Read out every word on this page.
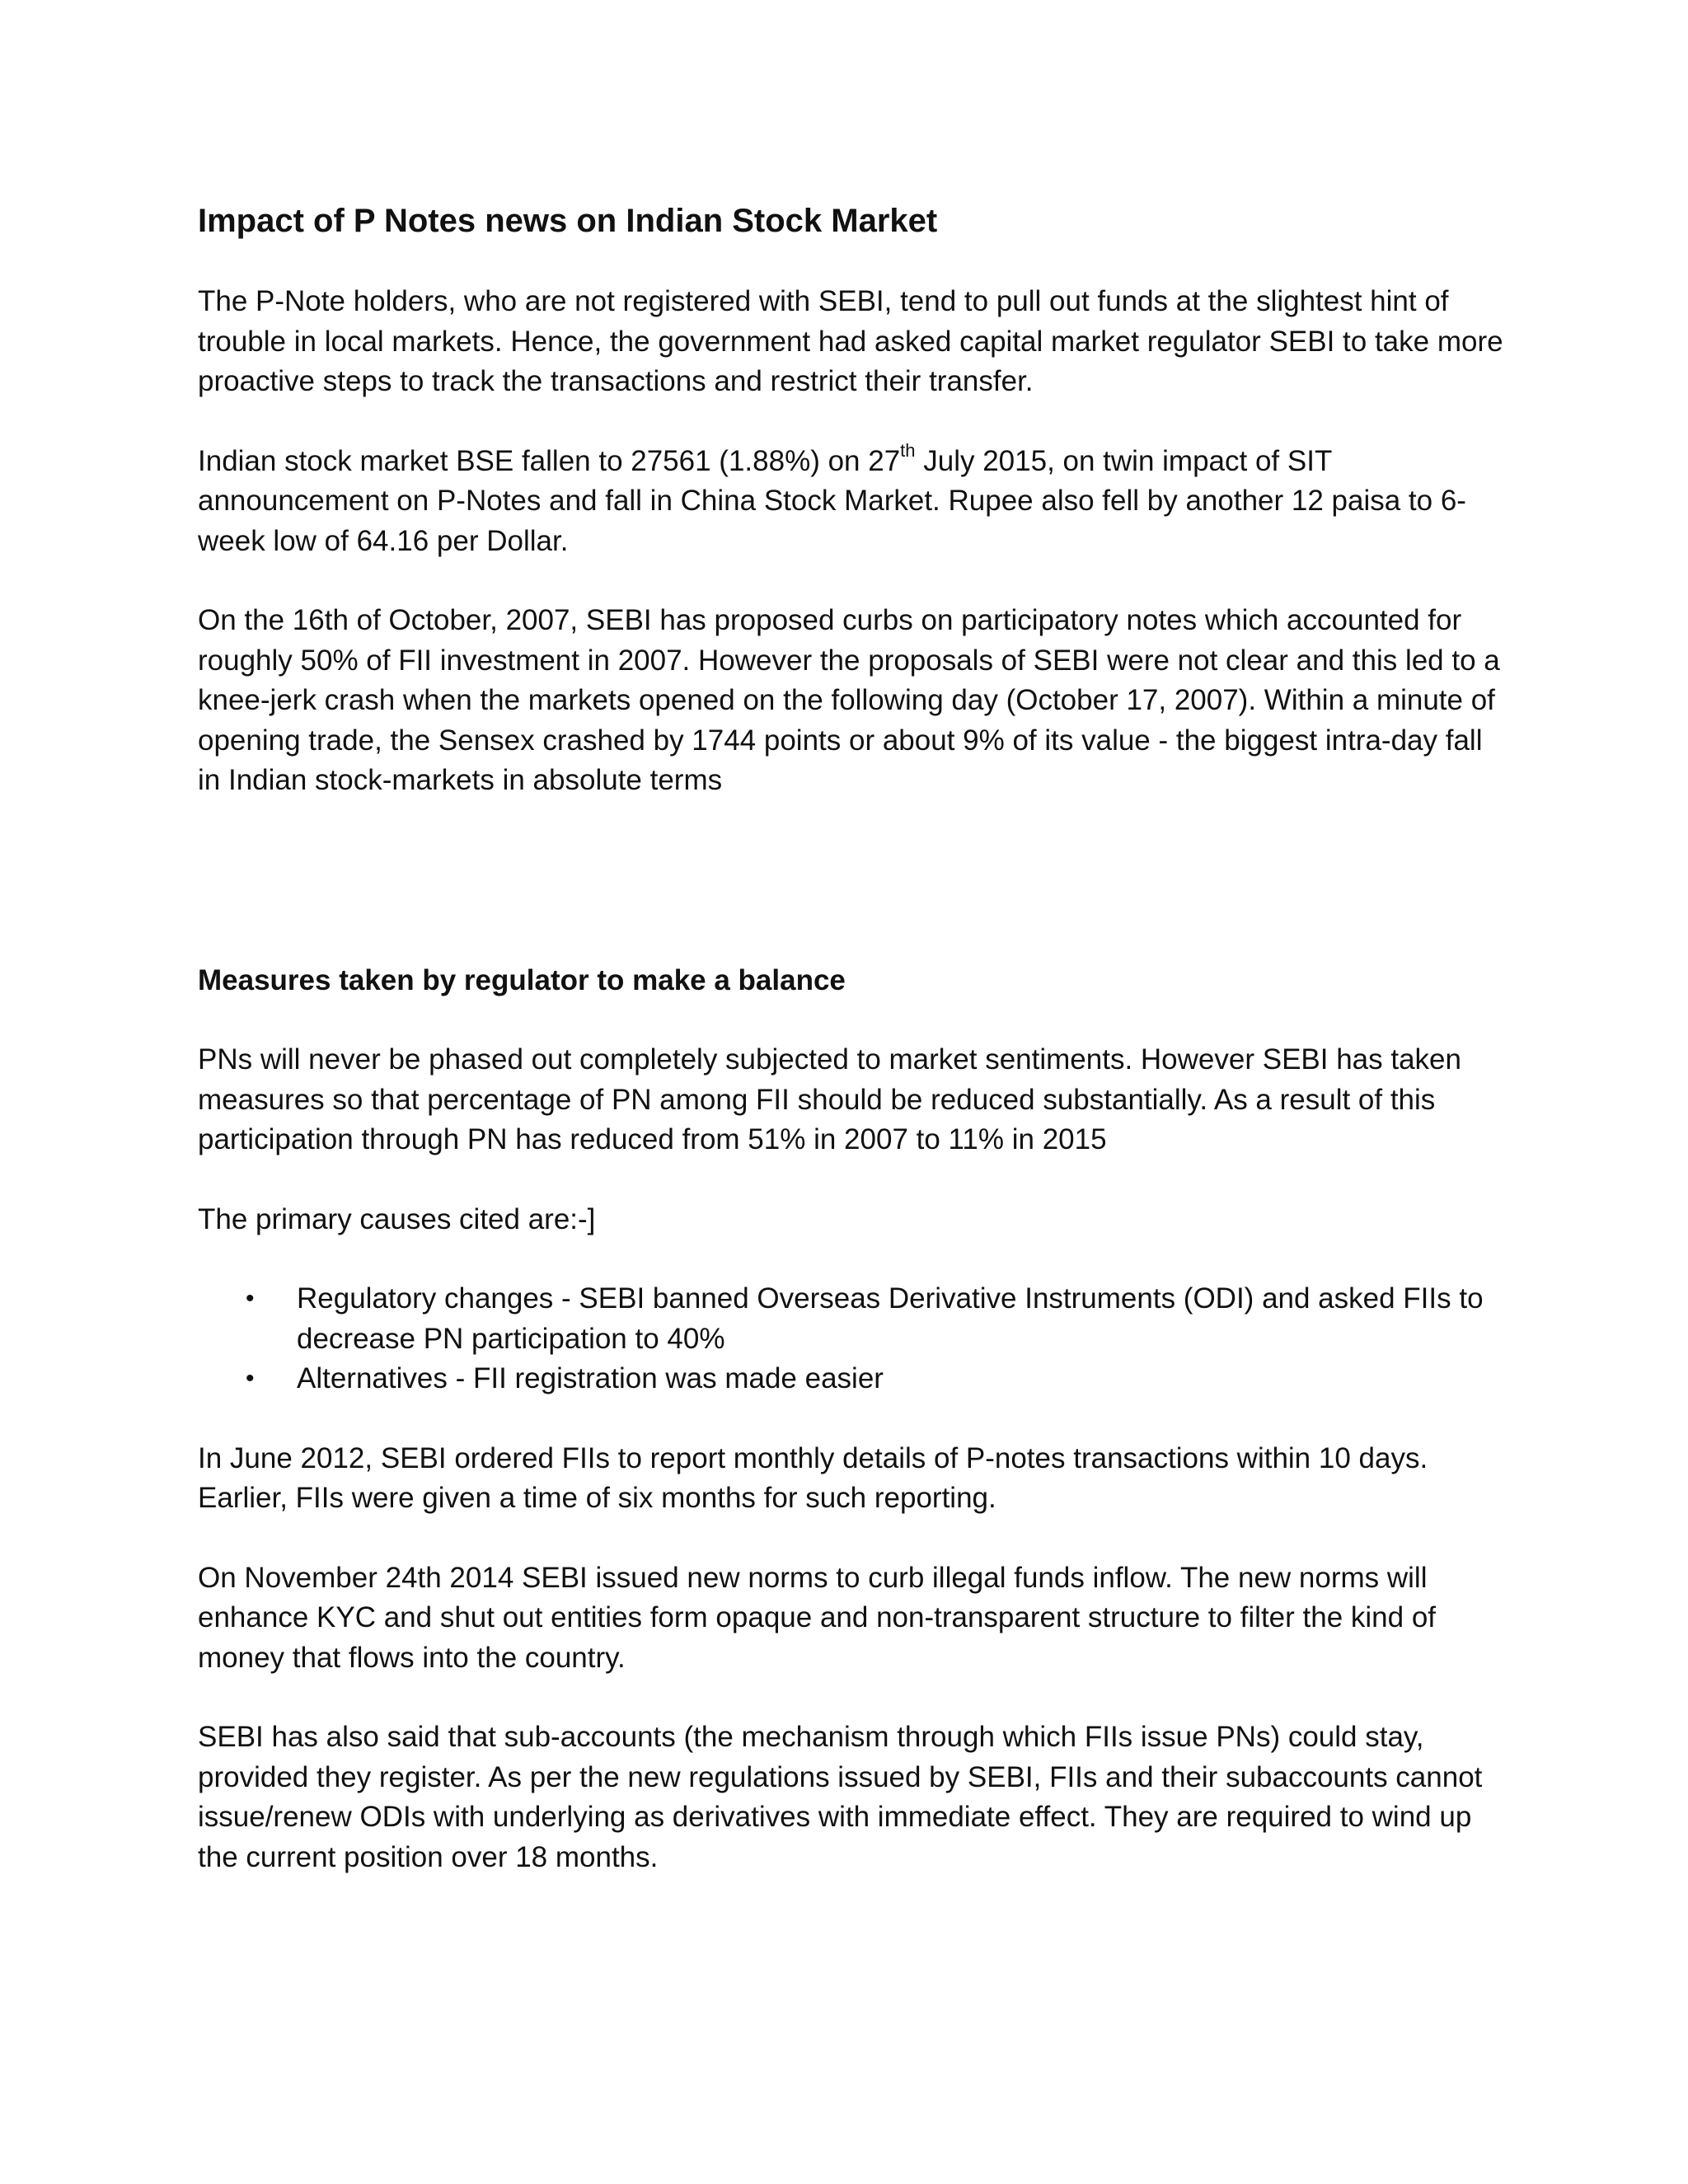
Impact of P Notes news on Indian Stock Market

The P-Note holders, who are not registered with SEBI, tend to pull out funds at the slightest hint of trouble in local markets. Hence, the government had asked capital market regulator SEBI to take more proactive steps to track the transactions and restrict their transfer.

Indian stock market BSE fallen to 27561 (1.88%) on 27th July 2015, on twin impact of SIT announcement on P-Notes and fall in China Stock Market. Rupee also fell by another 12 paisa to 6-week low of 64.16 per Dollar.

On the 16th of October, 2007, SEBI has proposed curbs on participatory notes which accounted for roughly 50% of FII investment in 2007. However the proposals of SEBI were not clear and this led to a knee-jerk crash when the markets opened on the following day (October 17, 2007). Within a minute of opening trade, the Sensex crashed by 1744 points or about 9% of its value - the biggest intra-day fall in Indian stock-markets in absolute terms

Measures taken by regulator to make a balance

PNs will never be phased out completely subjected to market sentiments. However SEBI has taken measures so that percentage of PN among FII should be reduced substantially. As a result of this participation through PN has reduced from 51% in 2007 to 11% in 2015

The primary causes cited are:-]

• Regulatory changes - SEBI banned Overseas Derivative Instruments (ODI) and asked FIIs to decrease PN participation to 40%
• Alternatives - FII registration was made easier

In June 2012, SEBI ordered FIIs to report monthly details of P-notes transactions within 10 days. Earlier, FIIs were given a time of six months for such reporting.

On November 24th 2014 SEBI issued new norms to curb illegal funds inflow. The new norms will enhance KYC and shut out entities form opaque and non-transparent structure to filter the kind of money that flows into the country.

SEBI has also said that sub-accounts (the mechanism through which FIIs issue PNs) could stay, provided they register. As per the new regulations issued by SEBI, FIIs and their subaccounts cannot issue/renew ODIs with underlying as derivatives with immediate effect. They are required to wind up the current position over 18 months.
